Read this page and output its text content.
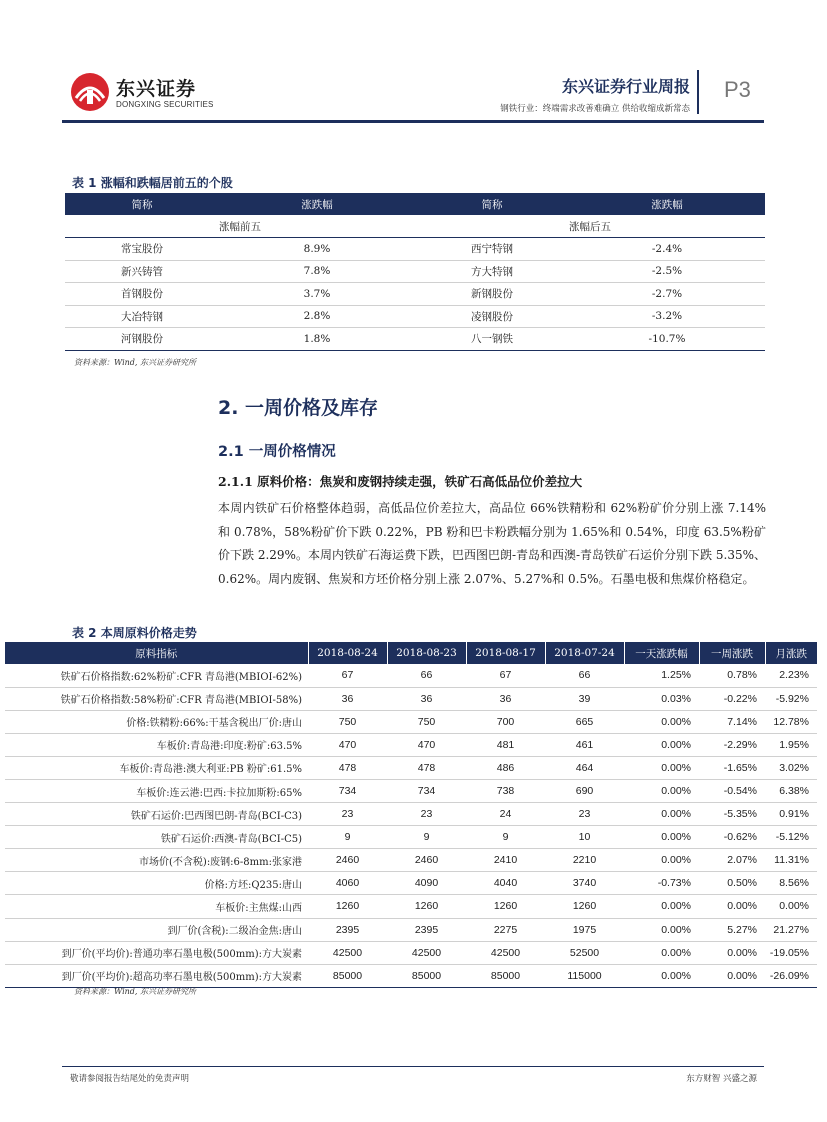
东兴证券
DONGXING SECURITIES
东兴证券行业周报
钢铁行业：终端需求改善难确立 供给收缩成新常态
P3
表 1 涨幅和跌幅居前五的个股
简称	涨跌幅	简称	涨跌幅
涨幅前五		涨幅后五	
常宝股份	8.9%	西宁特钢	-2.4%
新兴铸管	7.8%	方大特钢	-2.5%
首钢股份	3.7%	新钢股份	-2.7%
大冶特钢	2.8%	凌钢股份	-3.2%
河钢股份	1.8%	八一钢铁	-10.7%
资料来源：Wind, 东兴证券研究所
2. 一周价格及库存
2.1 一周价格情况
2.1.1 原料价格：焦炭和废钢持续走强，铁矿石高低品位价差拉大

本周内铁矿石价格整体趋弱，高低品位价差拉大，高品位 66%铁精粉和 62%粉矿价分别上涨 7.14% 和 0.78%，58%粉矿价下跌 0.22%，PB 粉和巴卡粉跌幅分别为 1.65%和 0.54%，印度 63.5%粉矿价下跌 2.29%。本周内铁矿石海运费下跌，巴西图巴朗-青岛和西澳-青岛铁矿石运价分别下跌 5.35%、0.62%。周内废钢、焦炭和方坯价格分别上涨 2.07%、5.27%和 0.5%。石墨电极和焦煤价格稳定。

表 2 本周原料价格走势
原料指标	2018-08-24	2018-08-23	2018-08-17	2018-07-24	一天涨跌幅	一周涨跌	月涨跌
铁矿石价格指数:62%粉矿:CFR 青岛港(MBIOI-62%)	67	66	67	66	1.25%	0.78%	2.23%
铁矿石价格指数:58%粉矿:CFR 青岛港(MBIOI-58%)	36	36	36	39	0.03%	-0.22%	-5.92%
价格:铁精粉:66%:干基含税出厂价:唐山	750	750	700	665	0.00%	7.14%	12.78%
车板价:青岛港:印度:粉矿:63.5%	470	470	481	461	0.00%	-2.29%	1.95%
车板价:青岛港:澳大利亚:PB 粉矿:61.5%	478	478	486	464	0.00%	-1.65%	3.02%
车板价:连云港:巴西:卡拉加斯粉:65%	734	734	738	690	0.00%	-0.54%	6.38%
铁矿石运价:巴西图巴朗-青岛(BCI-C3)	23	23	24	23	0.00%	-5.35%	0.91%
铁矿石运价:西澳-青岛(BCI-C5)	9	9	9	10	0.00%	-0.62%	-5.12%
市场价(不含税):废钢:6-8mm:张家港	2460	2460	2410	2210	0.00%	2.07%	11.31%
价格:方坯:Q235:唐山	4060	4090	4040	3740	-0.73%	0.50%	8.56%
车板价:主焦煤:山西	1260	1260	1260	1260	0.00%	0.00%	0.00%
到厂价(含税):二级冶金焦:唐山	2395	2395	2275	1975	0.00%	5.27%	21.27%
到厂价(平均价):普通功率石墨电极(500mm):方大炭素	42500	42500	42500	52500	0.00%	0.00%	-19.05%
到厂价(平均价):超高功率石墨电极(500mm):方大炭素	85000	85000	85000	115000	0.00%	0.00%	-26.09%
资料来源：Wind, 东兴证券研究所
敬请参阅报告结尾处的免责声明	东方财智 兴盛之源
